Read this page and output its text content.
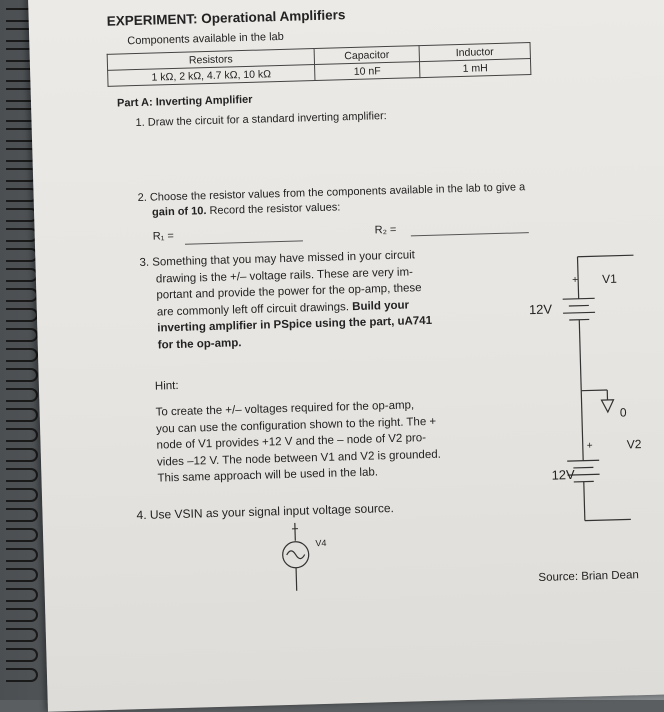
EXPERIMENT: Operational Amplifiers
Components available in the lab
Resistors	Capacitor	Inductor
1 kΩ, 2 kΩ, 4.7 kΩ, 10 kΩ	10 nF	1 mH
Part A: Inverting Amplifier
1. Draw the circuit for a standard inverting amplifier:
2. Choose the resistor values from the components available in the lab to give a
gain of 10. Record the resistor values:
R₁ =	R₂ =
3. Something that you may have missed in your circuit
drawing is the +/– voltage rails. These are very im-
portant and provide the power for the op-amp, these
are commonly left off circuit drawings. Build your
inverting amplifier in PSpice using the part, uA741
for the op-amp.
Hint:
To create the +/– voltages required for the op-amp,
you can use the configuration shown to the right. The +
node of V1 provides +12 V and the – node of V2 pro-
vides –12 V. The node between V1 and V2 is grounded.
This same approach will be used in the lab.
4. Use VSIN as your signal input voltage source.
V4
Source: Brian Dean
+ V1
12V
0
+	V2
12V
